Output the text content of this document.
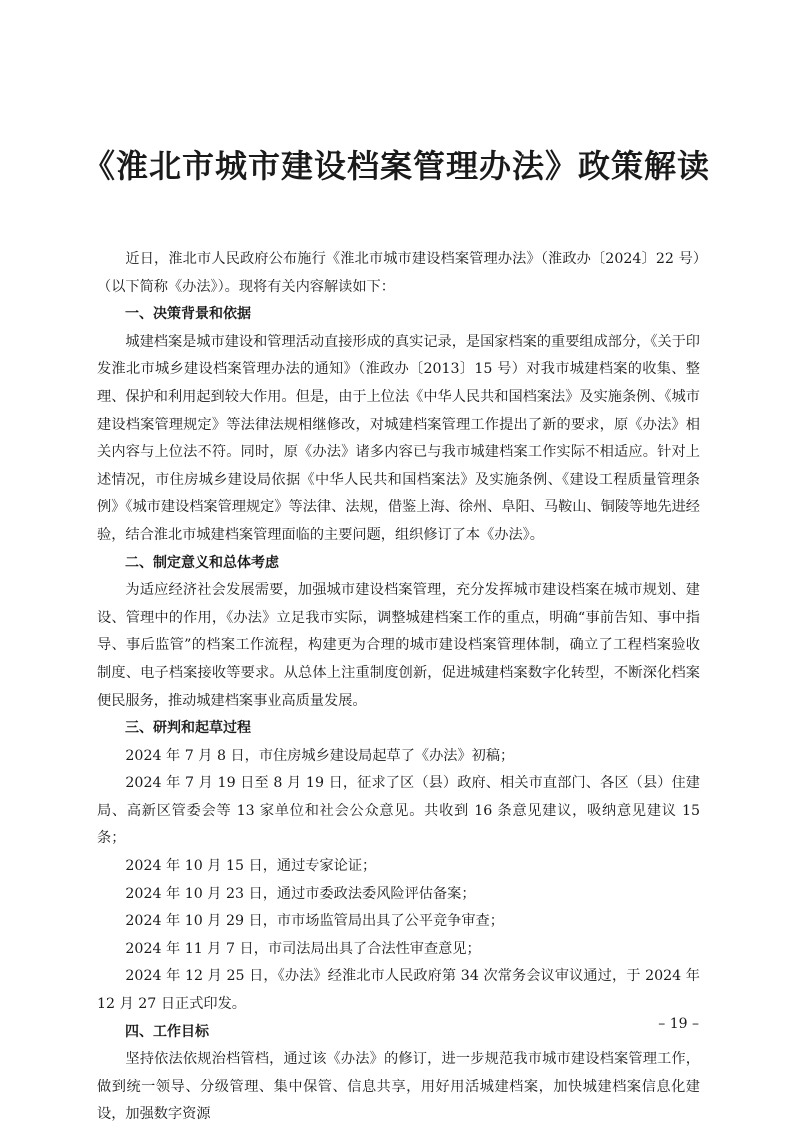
《淮北市城市建设档案管理办法》政策解读

近日，淮北市人民政府公布施行《淮北市城市建设档案管理办法》（淮政办〔2024〕22 号）（以下简称《办法》）。现将有关内容解读如下：

一、决策背景和依据

城建档案是城市建设和管理活动直接形成的真实记录，是国家档案的重要组成部分，《关于印发淮北市城乡建设档案管理办法的通知》（淮政办〔2013〕15 号）对我市城建档案的收集、整理、保护和利用起到较大作用。但是，由于上位法《中华人民共和国档案法》及实施条例、《城市建设档案管理规定》等法律法规相继修改，对城建档案管理工作提出了新的要求，原《办法》相关内容与上位法不符。同时，原《办法》诸多内容已与我市城建档案工作实际不相适应。针对上述情况，市住房城乡建设局依据《中华人民共和国档案法》及实施条例、《建设工程质量管理条例》《城市建设档案管理规定》等法律、法规，借鉴上海、徐州、阜阳、马鞍山、铜陵等地先进经验，结合淮北市城建档案管理面临的主要问题，组织修订了本《办法》。

二、制定意义和总体考虑

为适应经济社会发展需要，加强城市建设档案管理，充分发挥城市建设档案在城市规划、建设、管理中的作用，《办法》立足我市实际，调整城建档案工作的重点，明确“事前告知、事中指导、事后监管”的档案工作流程，构建更为合理的城市建设档案管理体制，确立了工程档案验收制度、电子档案接收等要求。从总体上注重制度创新，促进城建档案数字化转型，不断深化档案便民服务，推动城建档案事业高质量发展。

三、研判和起草过程

2024 年 7 月 8 日，市住房城乡建设局起草了《办法》初稿；

2024 年 7 月 19 日至 8 月 19 日，征求了区（县）政府、相关市直部门、各区（县）住建局、高新区管委会等 13 家单位和社会公众意见。共收到 16 条意见建议，吸纳意见建议 15 条；

2024 年 10 月 15 日，通过专家论证；

2024 年 10 月 23 日，通过市委政法委风险评估备案；

2024 年 10 月 29 日，市市场监管局出具了公平竞争审查；

2024 年 11 月 7 日，市司法局出具了合法性审查意见；

2024 年 12 月 25 日，《办法》经淮北市人民政府第 34 次常务会议审议通过，于 2024 年 12 月 27 日正式印发。

四、工作目标

坚持依法依规治档管档，通过该《办法》的修订，进一步规范我市城市建设档案管理工作，做到统一领导、分级管理、集中保管、信息共享，用好用活城建档案，加快城建档案信息化建设，加强数字资源

– 19 –
